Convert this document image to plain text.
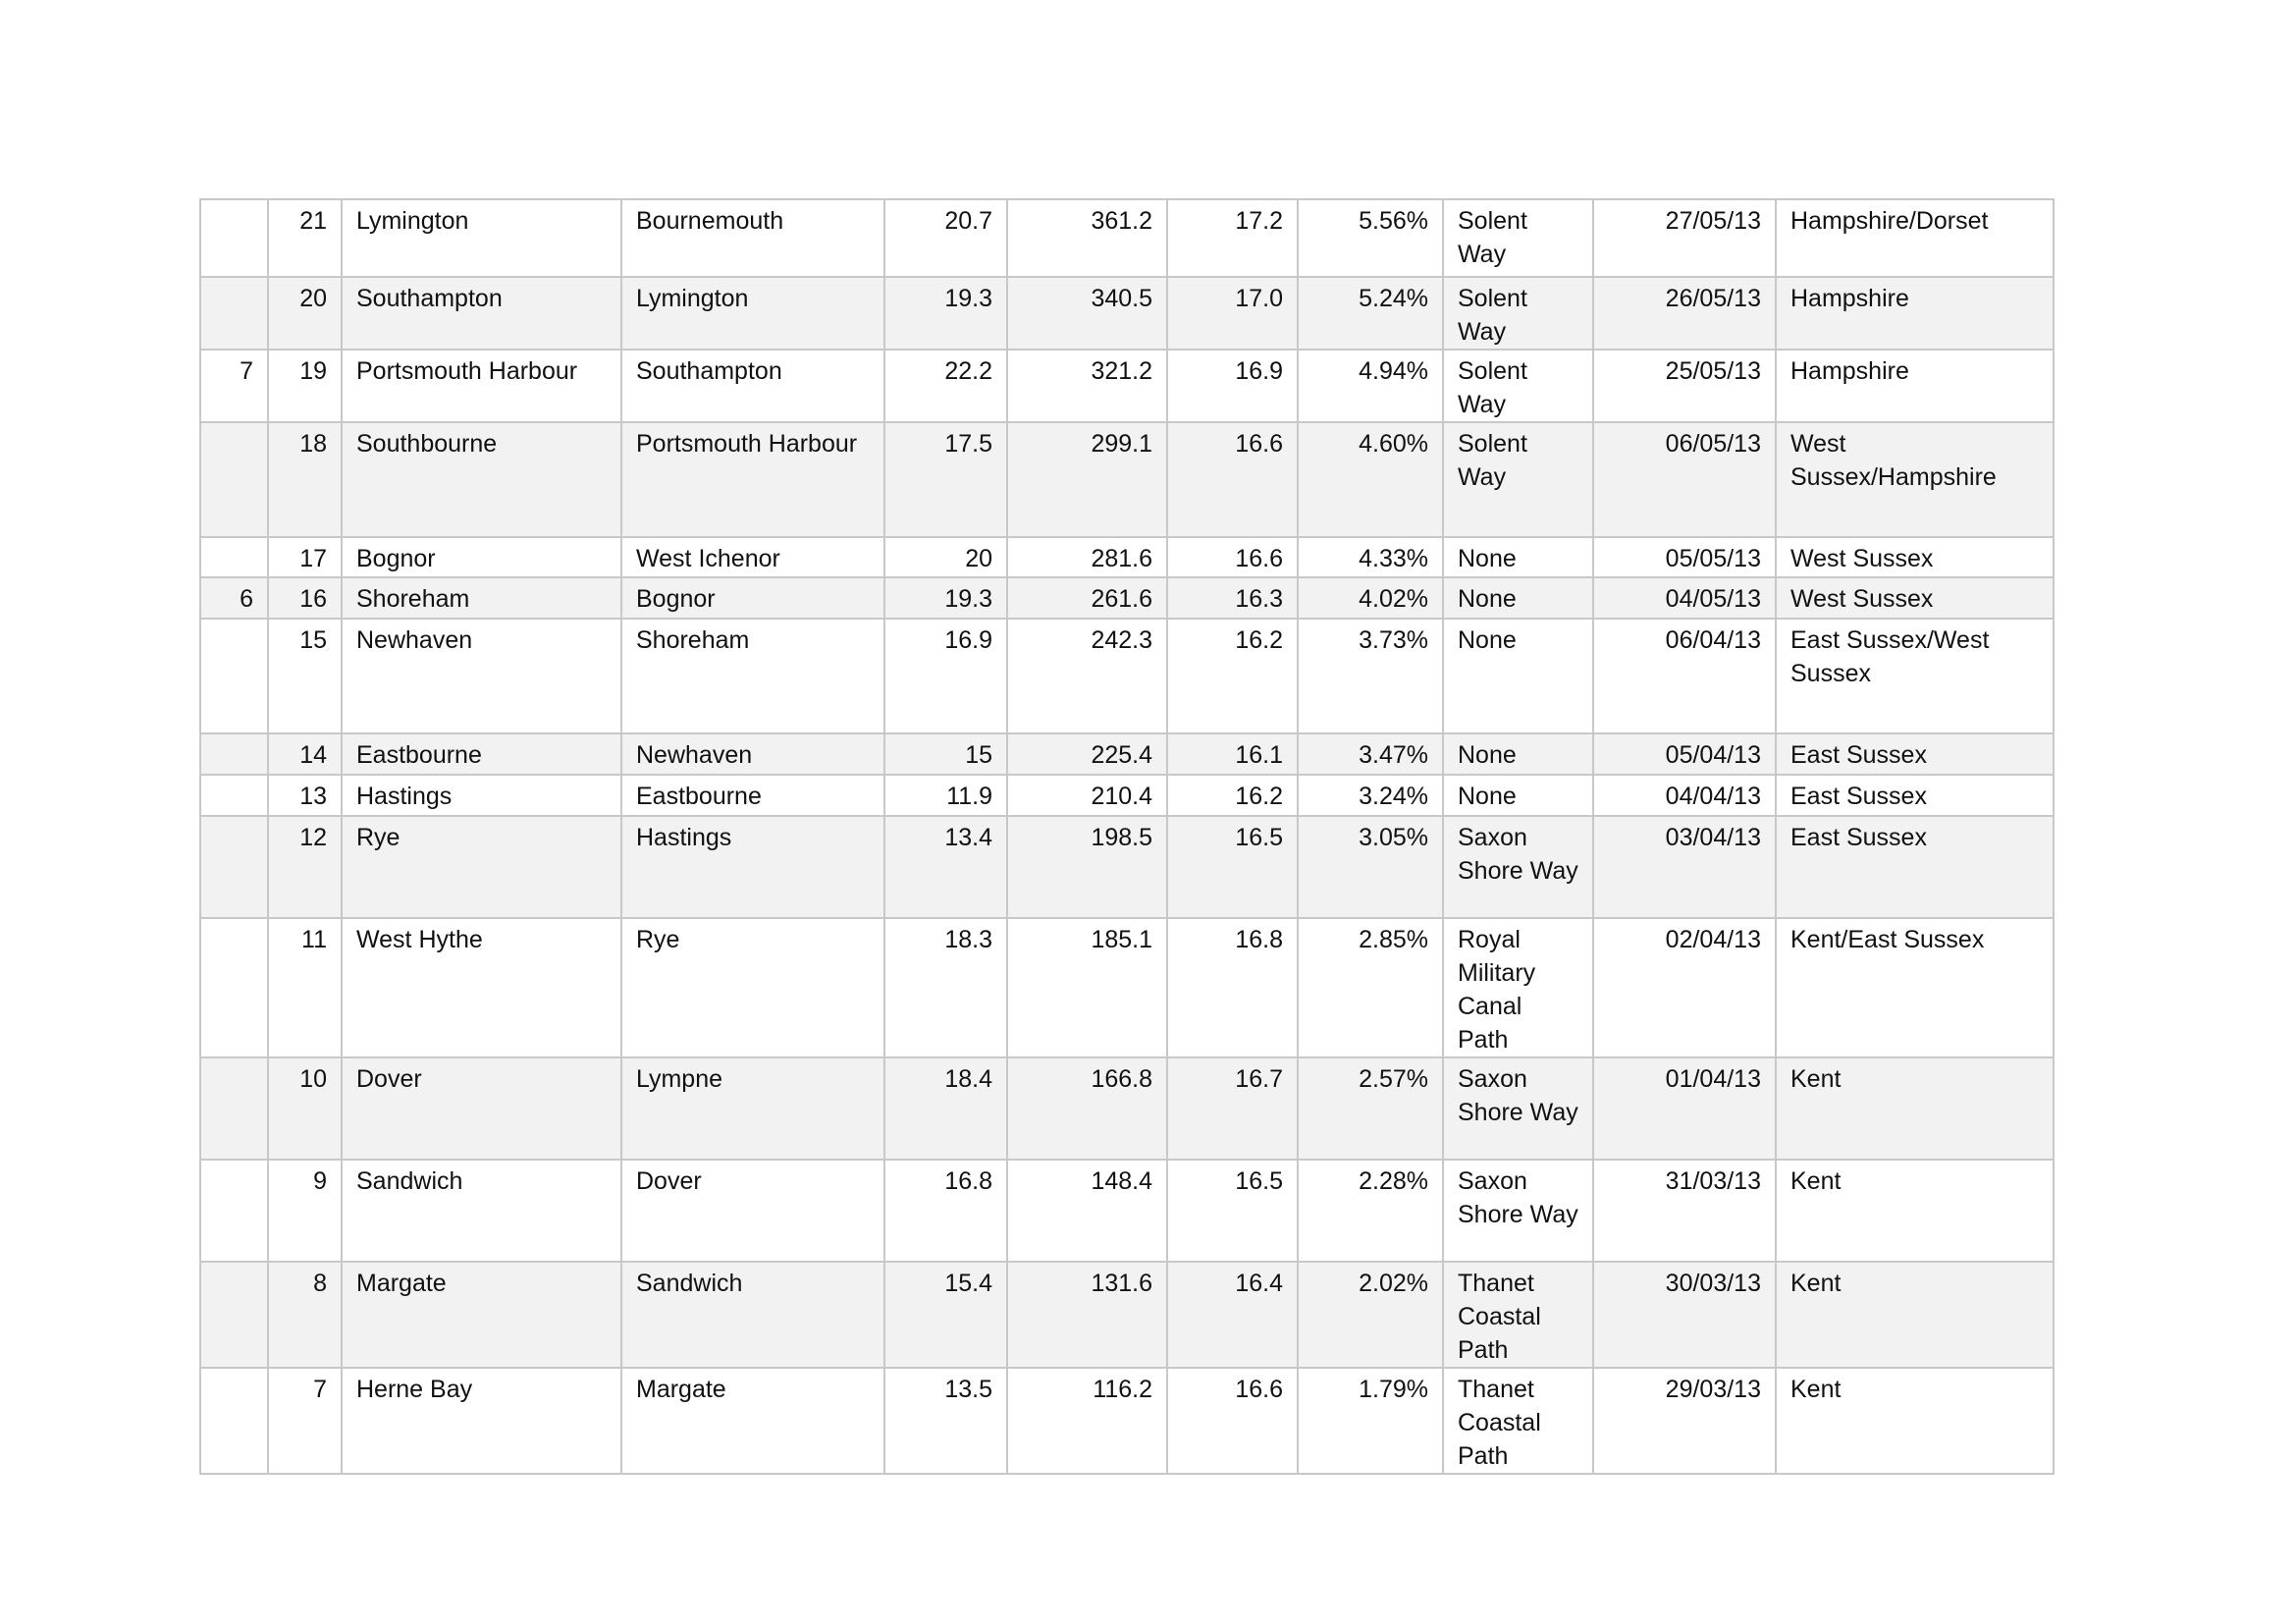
	21	Lymington	Bournemouth	20.7	361.2	17.2	5.56%	Solent Way	27/05/13	Hampshire/Dorset
	20	Southampton	Lymington	19.3	340.5	17.0	5.24%	Solent Way	26/05/13	Hampshire
7	19	Portsmouth Harbour	Southampton	22.2	321.2	16.9	4.94%	Solent Way	25/05/13	Hampshire
	18	Southbourne	Portsmouth Harbour	17.5	299.1	16.6	4.60%	Solent Way	06/05/13	West Sussex/Hampshire
	17	Bognor	West Ichenor	20	281.6	16.6	4.33%	None	05/05/13	West Sussex
6	16	Shoreham	Bognor	19.3	261.6	16.3	4.02%	None	04/05/13	West Sussex
	15	Newhaven	Shoreham	16.9	242.3	16.2	3.73%	None	06/04/13	East Sussex/West Sussex
	14	Eastbourne	Newhaven	15	225.4	16.1	3.47%	None	05/04/13	East Sussex
	13	Hastings	Eastbourne	11.9	210.4	16.2	3.24%	None	04/04/13	East Sussex
	12	Rye	Hastings	13.4	198.5	16.5	3.05%	Saxon Shore Way	03/04/13	East Sussex
	11	West Hythe	Rye	18.3	185.1	16.8	2.85%	Royal Military Canal Path	02/04/13	Kent/East Sussex
	10	Dover	Lympne	18.4	166.8	16.7	2.57%	Saxon Shore Way	01/04/13	Kent
	9	Sandwich	Dover	16.8	148.4	16.5	2.28%	Saxon Shore Way	31/03/13	Kent
	8	Margate	Sandwich	15.4	131.6	16.4	2.02%	Thanet Coastal Path	30/03/13	Kent
	7	Herne Bay	Margate	13.5	116.2	16.6	1.79%	Thanet Coastal Path	29/03/13	Kent
